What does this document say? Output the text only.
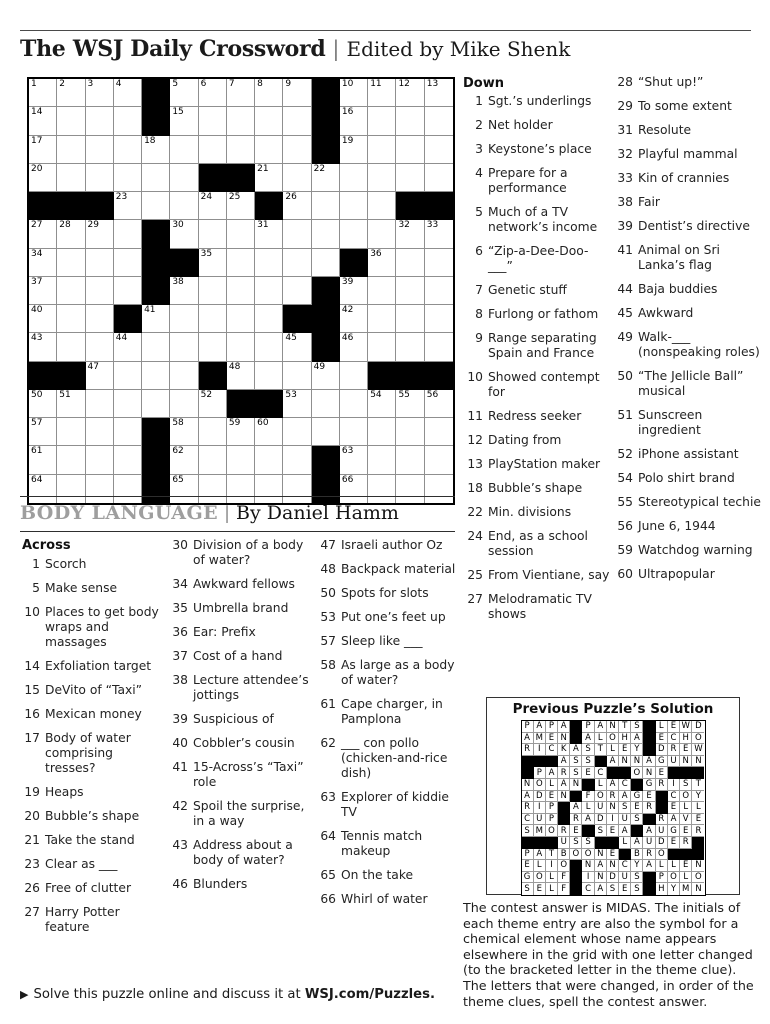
The WSJ Daily Crossword | Edited by Mike Shenk
1	2	3	4	5	6	7	8	9	10 11 12 13
14	15	16
17	18	19
20	21	22
23	24 25	26
27 28 29	30	31	32 33
34	35	36
37	38	39
40	41	42
43	44	45	46
47	48	49
50 51	52	53	54 55 56
57	58	59 60
61	62	63
64	65	66
BODY LANGUAGE | By Daniel Hamm
Across
1 Scorch
5 Make sense
10 Places to get body wraps and massages
14 Exfoliation target
15 DeVito of “Taxi”
16 Mexican money
17 Body of water comprising tresses?
19 Heaps
20 Bubble’s shape
21 Take the stand
23 Clear as ___
26 Free of clutter
27 Harry Potter feature
30 Division of a body of water?
34 Awkward fellows
35 Umbrella brand
36 Ear: Prefix
37 Cost of a hand
38 Lecture attendee’s jottings
39 Suspicious of
40 Cobbler’s cousin
41 15-Across’s “Taxi” role
42 Spoil the surprise, in a way
43 Address about a body of water?
46 Blunders
47 Israeli author Oz
48 Backpack material
50 Spots for slots
53 Put one’s feet up
57 Sleep like ___
58 As large as a body of water?
61 Cape charger, in Pamplona
62 ___ con pollo (chicken-and-rice dish)
63 Explorer of kiddie TV
64 Tennis match makeup
65 On the take
66 Whirl of water
Down
1 Sgt.’s underlings
2 Net holder
3 Keystone’s place
4 Prepare for a performance
5 Much of a TV network’s income
6 “Zip-a-Dee-Doo-___”
7 Genetic stuff
8 Furlong or fathom
9 Range separating Spain and France
10 Showed contempt for
11 Redress seeker
12 Dating from
13 PlayStation maker
18 Bubble’s shape
22 Min. divisions
24 End, as a school session
25 From Vientiane, say
27 Melodramatic TV shows
28 “Shut up!”
29 To some extent
31 Resolute
32 Playful mammal
33 Kin of crannies
38 Fair
39 Dentist’s directive
41 Animal on Sri Lanka’s flag
44 Baja buddies
45 Awkward
49 Walk-___ (nonspeaking roles)
50 “The Jellicle Ball” musical
51 Sunscreen ingredient
52 iPhone assistant
54 Polo shirt brand
55 Stereotypical techie
56 June 6, 1944
59 Watchdog warning
60 Ultrapopular
Previous Puzzle’s Solution
P A P A	P A N T S	L E W D
A M E N	A L O H A	E C H O
R I C K A S T L E Y	D R E W
A S S	A N N A G U N N
P A R S E C	O N E
N O L A N	L A C	G R I S T
A D E N	F O R A G E	C O Y
R I P	A L U N S E R	E L L
C U P	R A D I U S	R A V E
S M O R E	S E A	A U G E R
U S S	L A U D E R
P A T B O O N E	B R O
E L	I O	N A N C Y A L L E N
G O L F	I N D U S	P O L O
S E L F	C A S E S	H Y M N
The contest answer is MIDAS. The initials of each theme entry are also the symbol for a chemical element whose name appears elsewhere in the grid with one letter changed (to the bracketed letter in the theme clue). The letters that were changed, in order of the theme clues, spell the contest answer.
▶ Solve this puzzle online and discuss it at WSJ.com/Puzzles.
